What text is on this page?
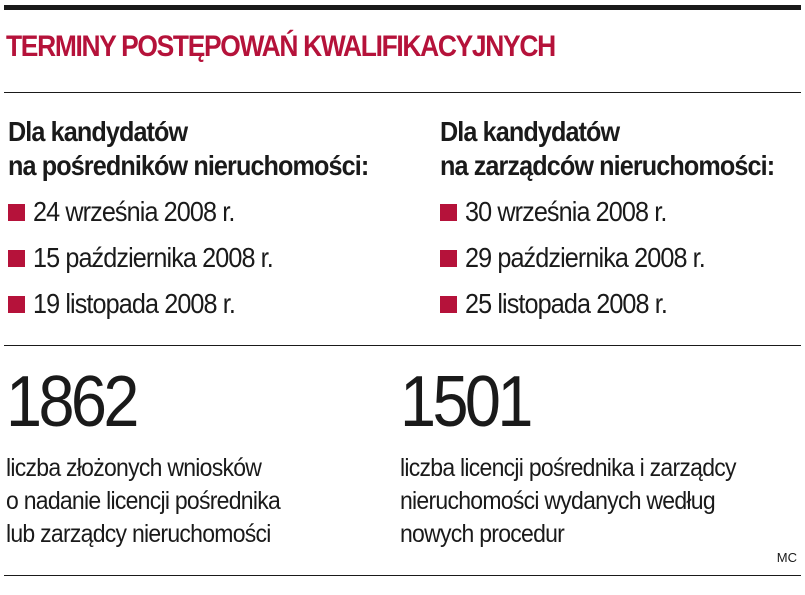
TERMINY POSTĘPOWAŃ KWALIFIKACYJNYCH
Dla kandydatów
na pośredników nieruchomości:
24 września 2008 r.
15 października 2008 r.
19 listopada 2008 r.
Dla kandydatów
na zarządców nieruchomości:
30 września 2008 r.
29 października 2008 r.
25 listopada 2008 r.
1862
liczba złożonych wniosków
o nadanie licencji pośrednika
lub zarządcy nieruchomości
1501
liczba licencji pośrednika i zarządcy
nieruchomości wydanych według
nowych procedur
MC
